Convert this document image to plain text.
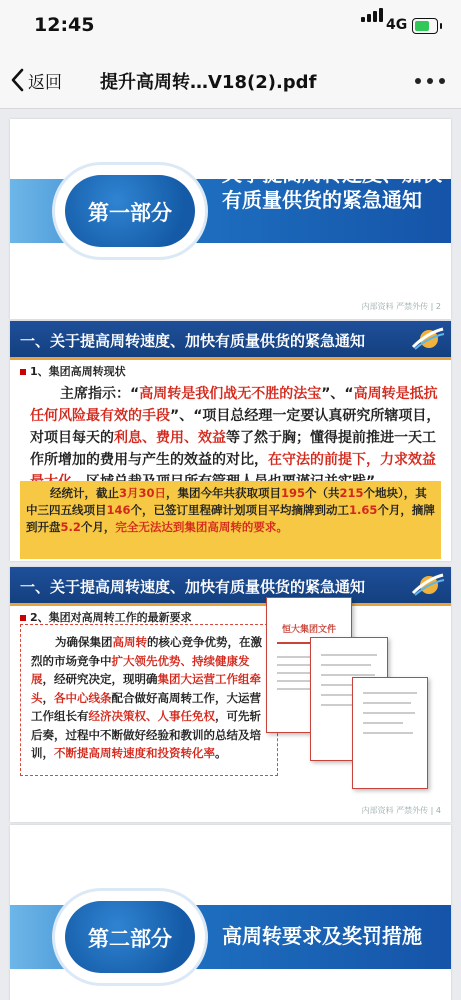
12:45	4G
返回 提升高周转…V18(2).pdf
第一部分
关于提高周转速度、加快
有质量供货的紧急通知
内部资料 严禁外传 | 2
一、关于提高周转速度、加快有质量供货的紧急通知
1、集团高周转现状
主席指示：“高周转是我们战无不胜的法宝”、“高周转是抵抗任何风险最有效的手段”、“项目总经理一定要认真研究所辖项目，对项目每天的利息、费用、效益等了然于胸；懂得提前推进一天工作所增加的费用与产生的效益的对比，在守法的前提下，力求效益
经统计，截止3月30日，集团今年共获取项目195个（共215个地块），其中三四五线项目146个，已签订里程碑计划项目平均摘牌到动工1.65个月，摘牌到开盘5.2个月，完全无法达到集团高周转的要求。
一、关于提高周转速度、加快有质量供货的紧急通知
2、集团对高周转工作的最新要求
为确保集团高周转的核心竞争优势，在激烈的市场竞争中扩大领先优势、持续健康发展，经研究决定，现明确集团大运营工作组牵头，各中心线条配合做好高周转工作，大运营工作组长有经济决策权、人事任免权，可先斩后奏，过程中不断做好经验和教训的总结及培训，不断提高周转速度和投资转化率。
恒大集团文件
内部资料 严禁外传 | 4
第二部分	高周转要求及奖罚措施
